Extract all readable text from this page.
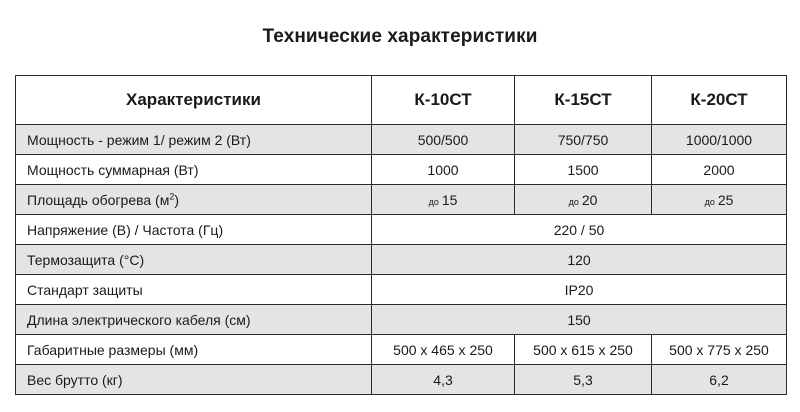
Технические характеристики
Характеристики	К-10СТ	К-15СТ	К-20СТ
Мощность - режим 1/ режим 2 (Вт)	500/500	750/750	1000/1000
Мощность суммарная (Вт)	1000	1500	2000
Площадь обогрева $(м^2)$	до 15	до 20	до 25
Напряжение (В) / Частота (Гц)	220 / 50		
Термозащита (°С)	120		
Стандарт защиты	IP20		
Длина электрического кабеля (см)	150		
Габаритные размеры (мм)	500 х 465 х 250	500 х 615 х 250	500 х 775 х 250
Вес брутто (кг)	4,3	5,3	6,2
